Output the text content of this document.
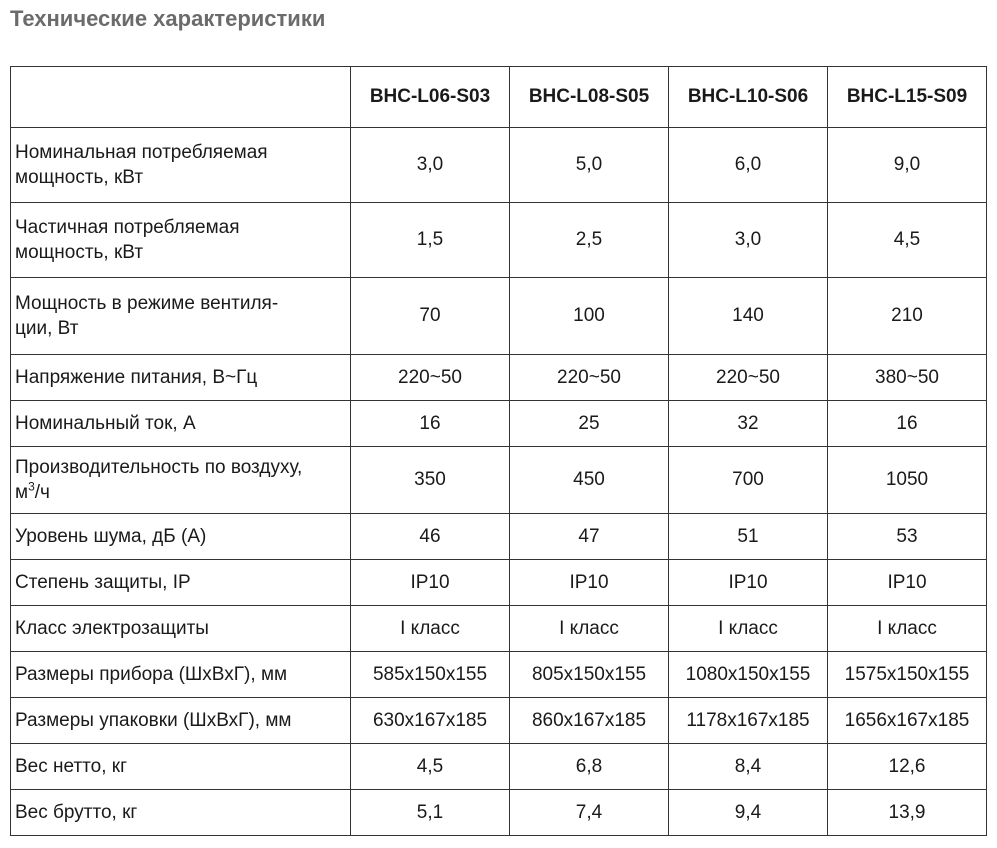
Технические характеристики
	BHC-L06-S03	BHC-L08-S05	BHC-L10-S06	BHC-L15-S09
Номинальная потребляемая
мощность, кВт	3,0	5,0	6,0	9,0
Частичная потребляемая
мощность, кВт	1,5	2,5	3,0	4,5
Мощность в режиме вентиля-
ции, Вт	70	100	140	210
Напряжение питания, В~Гц	220~50	220~50	220~50	380~50
Номинальный ток, А	16	25	32	16
Производительность по воздуху,
$м^3/ч$	350	450	700	1050
Уровень шума, дБ (А)	46	47	51	53
Степень защиты, IP	IP10	IP10	IP10	IP10
Класс электрозащиты	I класс	I класс	I класс	I класс
Размеры прибора (ШхВхГ), мм	585х150х155	805х150х155	1080х150х155	1575х150х155
Размеры упаковки (ШхВхГ), мм	630х167х185	860х167х185	1178х167х185	1656х167х185
Вес нетто, кг	4,5	6,8	8,4	12,6
Вес брутто, кг	5,1	7,4	9,4	13,9
